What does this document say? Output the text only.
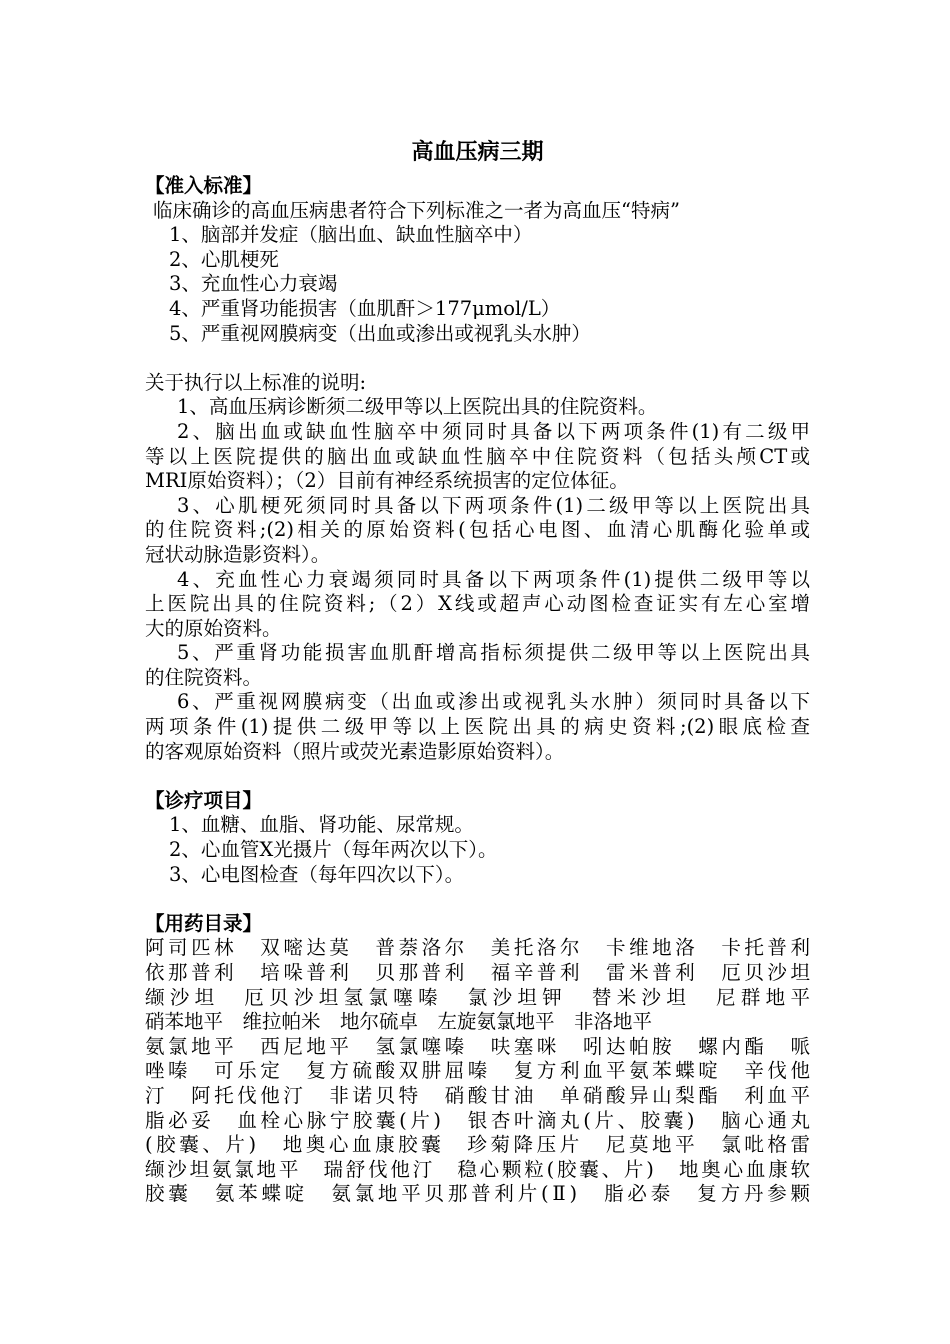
高血压病三期
【准入标准】
临床确诊的高血压病患者符合下列标准之一者为高血压“特病”
1、脑部并发症（脑出血、缺血性脑卒中）
2、心肌梗死
3、充血性心力衰竭
4、严重肾功能损害（血肌酐＞177μmol/L）
5、严重视网膜病变（出血或渗出或视乳头水肿）
关于执行以上标准的说明:
1、高血压病诊断须二级甲等以上医院出具的住院资料。
2、脑出血或缺血性脑卒中须同时具备以下两项条件(1)有二级甲
等以上医院提供的脑出血或缺血性脑卒中住院资料（包括头颅CT或
MRI原始资料）；（2）目前有神经系统损害的定位体征。
3、心肌梗死须同时具备以下两项条件(1)二级甲等以上医院出具
的住院资料;(2)相关的原始资料(包括心电图、血清心肌酶化验单或
冠状动脉造影资料）。
4、充血性心力衰竭须同时具备以下两项条件(1)提供二级甲等以
上医院出具的住院资料;（2）X线或超声心动图检查证实有左心室增
大的原始资料。
5、严重肾功能损害血肌酐增高指标须提供二级甲等以上医院出具
的住院资料。
6、严重视网膜病变（出血或渗出或视乳头水肿）须同时具备以下
两项条件(1)提供二级甲等以上医院出具的病史资料;(2)眼底检查
的客观原始资料（照片或荧光素造影原始资料）。
【诊疗项目】
1、血糖、血脂、肾功能、尿常规。
2、心血管X光摄片（每年两次以下）。
3、心电图检查（每年四次以下）。
【用药目录】
阿司匹林　双嘧达莫　普萘洛尔　美托洛尔　卡维地洛　卡托普利
依那普利　培哚普利　贝那普利　福辛普利　雷米普利　厄贝沙坦
缬沙坦　厄贝沙坦氢氯噻嗪　氯沙坦钾　替米沙坦　尼群地平
硝苯地平　维拉帕米　地尔硫卓　左旋氨氯地平　非洛地平
氨氯地平　西尼地平　氢氯噻嗪　呋塞咪　吲达帕胺　螺内酯　哌
唑嗪　可乐定　复方硫酸双肼屈嗪　复方利血平氨苯蝶啶　辛伐他
汀　阿托伐他汀　非诺贝特　硝酸甘油　单硝酸异山梨酯　利血平
脂必妥　血栓心脉宁胶囊(片)　银杏叶滴丸(片、胶囊)　脑心通丸
(胶囊、片)　地奥心血康胶囊　珍菊降压片　尼莫地平　氯吡格雷
缬沙坦氨氯地平　瑞舒伐他汀　稳心颗粒(胶囊、片)　地奥心血康软
胶囊　氨苯蝶啶　氨氯地平贝那普利片(Ⅱ)　脂必泰　复方丹参颗
